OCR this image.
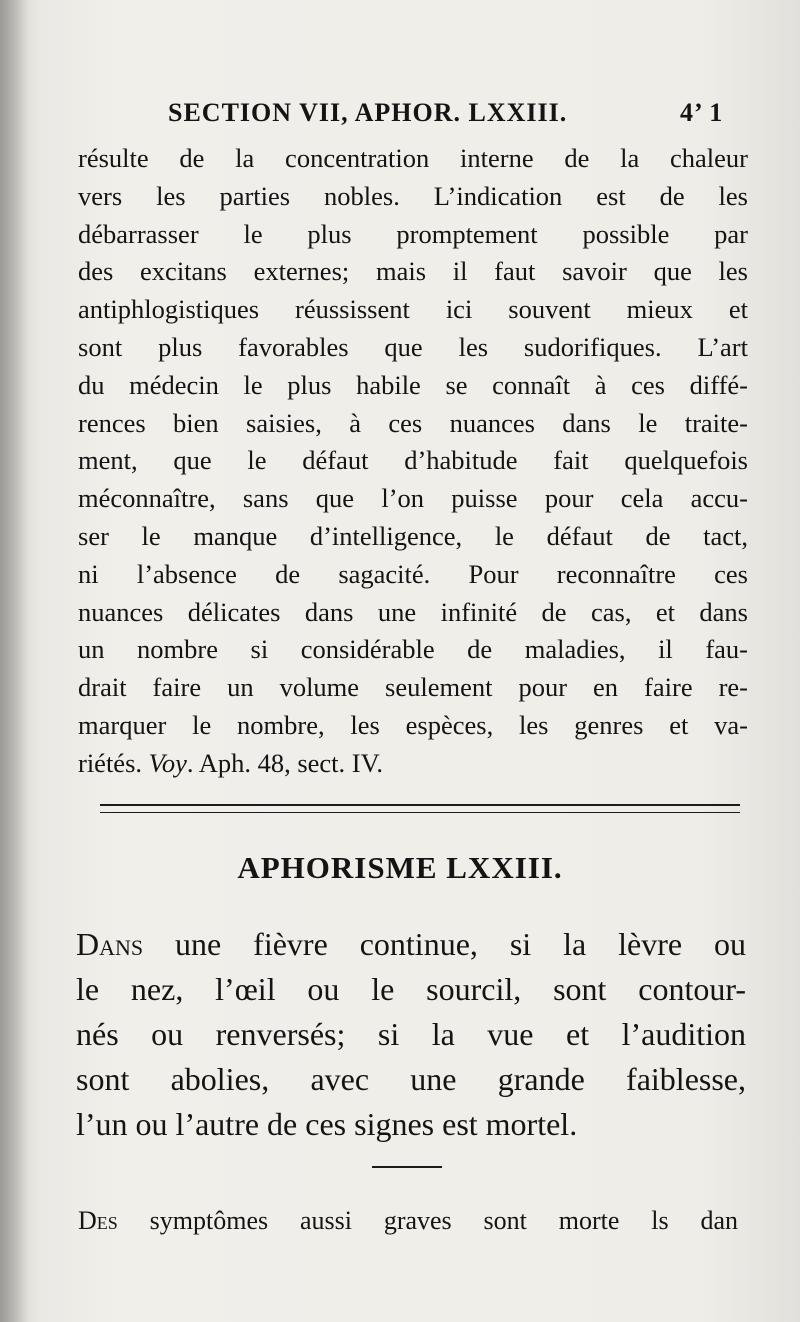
SECTION VII, APHOR. LXXIII.	4’ 1
résulte de la concentration interne de la chaleur
vers les parties nobles. L’indication est de les
débarrasser le plus promptement possible par
des excitans externes; mais il faut savoir que les
antiphlogistiques réussissent ici souvent mieux et
sont plus favorables que les sudorifiques. L’art
du médecin le plus habile se connaît à ces diffé-
rences bien saisies, à ces nuances dans le traite-
ment, que le défaut d’habitude fait quelquefois
méconnaître, sans que l’on puisse pour cela accu-
ser le manque d’intelligence, le défaut de tact,
ni l’absence de sagacité. Pour reconnaître ces
nuances délicates dans une infinité de cas, et dans
un nombre si considérable de maladies, il fau-
drait faire un volume seulement pour en faire re-
marquer le nombre, les espèces, les genres et va-
riétés. Voy. Aph. 48, sect. IV.
APHORISME LXXIII.
Dans une fièvre continue, si la lèvre ou
le nez, l’œil ou le sourcil, sont contour-
nés ou renversés; si la vue et l’audition
sont abolies, avec une grande faiblesse,
l’un ou l’autre de ces signes est mortel.
Des symptômes aussi graves sont morte ls dan
